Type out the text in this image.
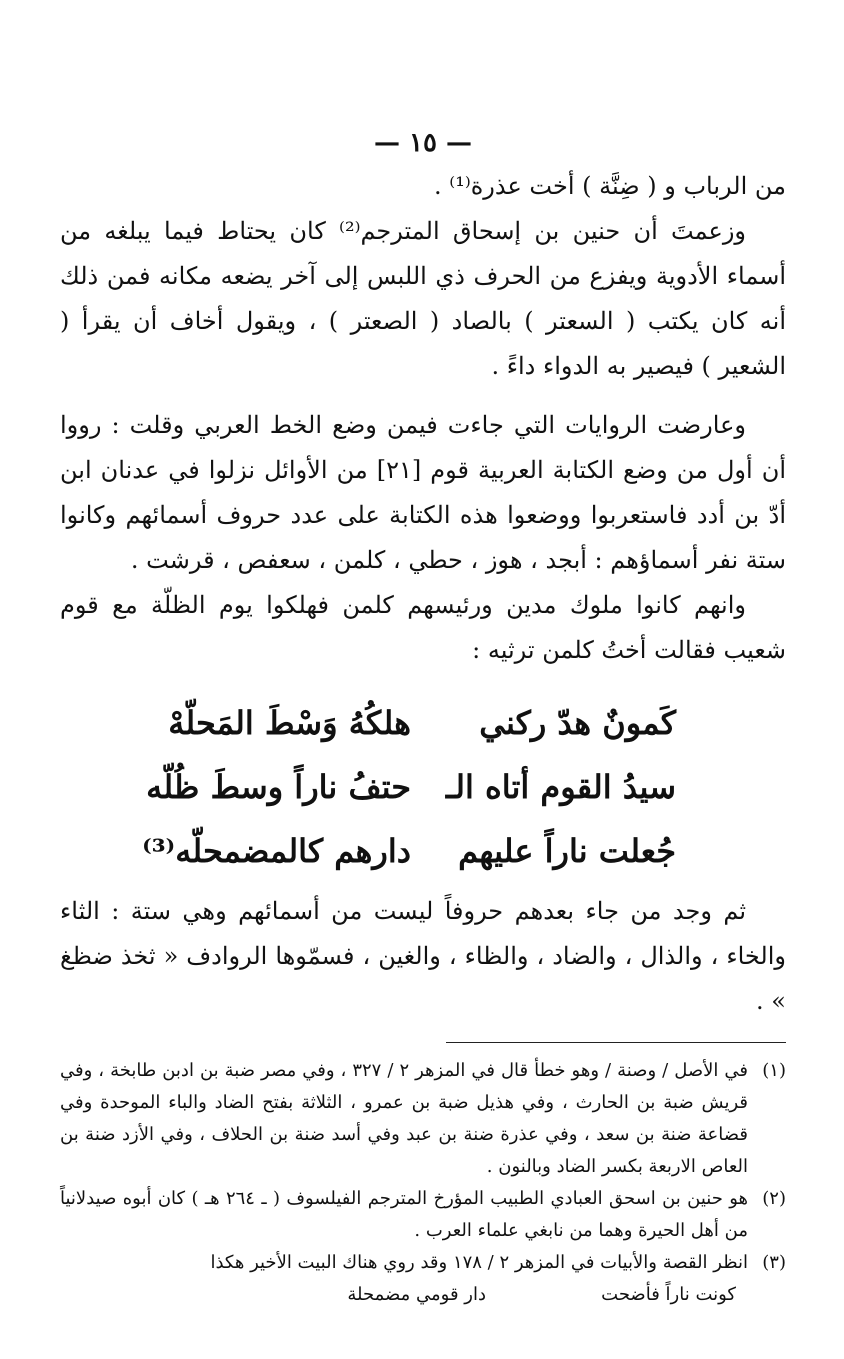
— ١٥ —

من الرباب و ( ضِنَّة ) أخت عذرة⁽¹⁾ .

وزعمتَ أن حنين بن إسحاق المترجم⁽²⁾ كان يحتاط فيما يبلغه من أسماء الأدوية ويفزع من الحرف ذي اللبس إلى آخر يضعه مكانه فمن ذلك أنه كان يكتب ( السعتر ) بالصاد ( الصعتر ) ، ويقول أخاف أن يقرأ ( الشعير ) فيصير به الدواء داءً .

وعارضت الروايات التي جاءت فيمن وضع الخط العربي وقلت : رووا أن أول من وضع الكتابة العربية قوم [٢١] من الأوائل نزلوا في عدنان ابن أدّ بن أدد فاستعربوا ووضعوا هذه الكتابة على عدد حروف أسمائهم وكانوا ستة نفر أسماؤهم : أبجد ، هوز ، حطي ، كلمن ، سعفص ، قرشت .

وانهم كانوا ملوك مدين ورئيسهم كلمن فهلكوا يوم الظلّة مع قوم شعيب فقالت أختُ كلمن ترثيه :

كَمونٌ هدّ ركني
هلكُهُ وَسْطَ المَحلّهْ
سيدُ القوم أتاه الـ
حتفُ ناراً وسطَ ظُلّه
جُعلت ناراً عليهم
دارهم كالمضمحلّه⁽³⁾

ثم وجد من جاء بعدهم حروفاً ليست من أسمائهم وهي ستة : الثاء والخاء ، والذال ، والضاد ، والظاء ، والغين ، فسمّوها الروادف « ثخذ ضظغ » .

(١)
في الأصل / وصنة / وهو خطأ قال في المزهر ٢ / ٣٢٧ ، وفي مصر ضبة بن ادبن طابخة ، وفي قريش ضبة بن الحارث ، وفي هذيل ضبة بن عمرو ، الثلاثة بفتح الضاد والباء الموحدة وفي قضاعة ضنة بن سعد ، وفي عذرة ضنة بن عبد وفي أسد ضنة بن الحلاف ، وفي الأزد ضنة بن العاص الاربعة بكسر الضاد وبالنون .
(٢)
هو حنين بن اسحق العبادي الطبيب المؤرخ المترجم الفيلسوف ( ـ ٢٦٤ هـ ) كان أبوه صيدلانياً من أهل الحيرة وهما من نابغي علماء العرب .
(٣)
انظر القصة والأبيات في المزهر ٢ / ١٧٨ وقد روي هناك البيت الأخير هكذا
كونت ناراً فأضحت
دار قومي مضمحلة
